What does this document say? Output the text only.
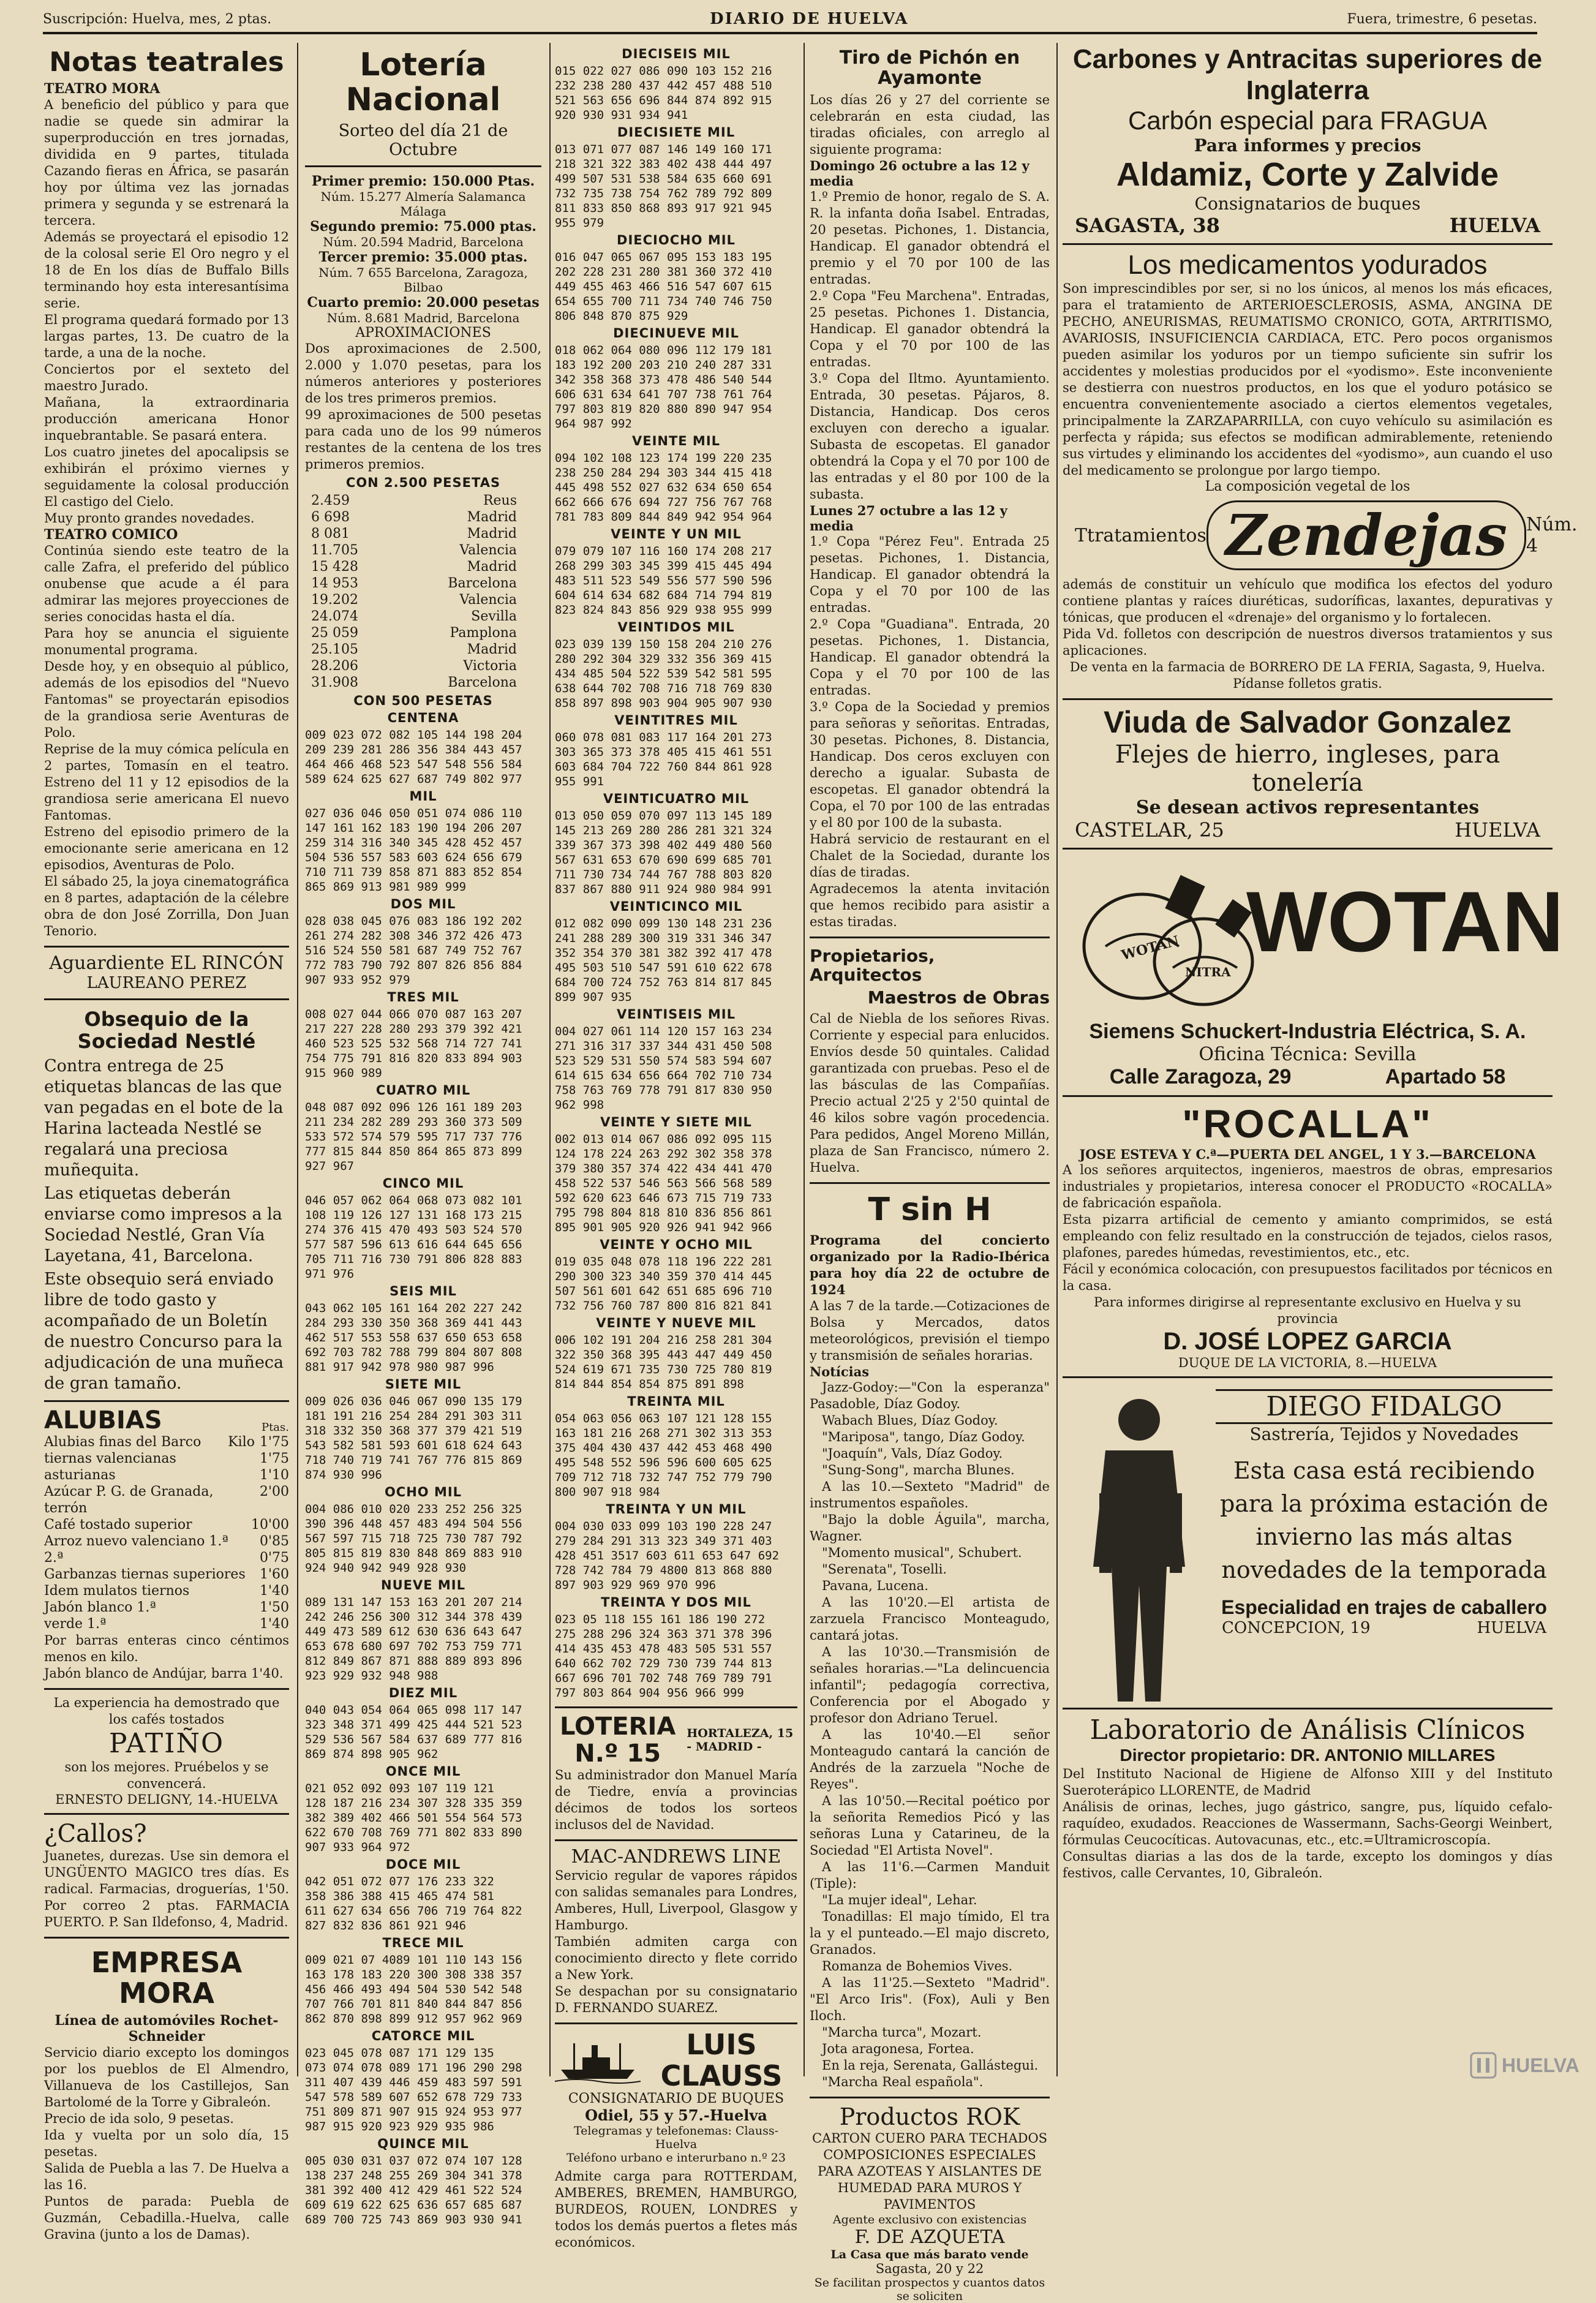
Suscripción: Huelva, mes, 2 ptas.	DIARIO DE HUELVA	Fuera, trimestre, 6 pesetas.
Notas teatrales
TEATRO MORA

A beneficio del público y para que nadie se quede sin admirar la superproducción en tres jornadas, dividida en 9 partes, titulada Cazando fieras en África, se pasarán hoy por última vez las jornadas primera y segunda y se estrenará la tercera.

Además se proyectará el episodio 12 de la colosal serie El Oro negro y el 18 de En los días de Buffalo Bills terminando hoy esta interesantísima serie.

El programa quedará formado por 13 largas partes, 13. De cuatro de la tarde, a una de la noche.

Conciertos por el sexteto del maestro Jurado.

Mañana, la extraordinaria producción americana Honor inquebrantable. Se pasará entera.

Los cuatro jinetes del apocalipsis se exhibirán el próximo viernes y seguidamente la colosal producción El castigo del Cielo.

Muy pronto grandes novedades.

TEATRO COMICO

Continúa siendo este teatro de la calle Zafra, el preferido del público onubense que acude a él para admirar las mejores proyecciones de series conocidas hasta el día.

Para hoy se anuncia el siguiente monumental programa.

Desde hoy, y en obsequio al público, además de los episodios del "Nuevo Fantomas" se proyectarán episodios de la grandiosa serie Aventuras de Polo.

Reprise de la muy cómica película en 2 partes, Tomasín en el teatro. Estreno del 11 y 12 episodios de la grandiosa serie americana El nuevo Fantomas.

Estreno del episodio primero de la emocionante serie americana en 12 episodios, Aventuras de Polo.

El sábado 25, la joya cinematográfica en 8 partes, adaptación de la célebre obra de don José Zorrilla, Don Juan Tenorio.

Aguardiente EL RINCÓN
LAUREANO PEREZ
Obsequio de la Sociedad Nestlé

Contra entrega de 25 etiquetas blancas de las que van pegadas en el bote de la Harina lacteada Nestlé se regalará una preciosa muñequita.

Las etiquetas deberán enviarse como impresos a la Sociedad Nestlé, Gran Vía Layetana, 41, Barcelona.

Este obsequio será enviado libre de todo gasto y acompañado de un Boletín de nuestro Concurso para la adjudicación de una muñeca de gran tamaño.

ALUBIAS	Ptas.
Alubias finas del Barco Kilo 1'75
tiernas valencianas	1'75
asturianas	1'10
Azúcar P. G. de Granada, terrón
2'00
Café tostado superior	10'00
Arroz nuevo valenciano 1.ª 0'85
2.ª	0'75
Garbanzas tiernas superiores 1'60
Idem mulatos tiernos	1'40
Jabón blanco 1.ª	1'50
verde 1.ª	1'40

Por barras enteras cinco céntimos menos en kilo.

Jabón blanco de Andújar, barra 1'40.

La experiencia ha demostrado que los cafés tostados

PATIÑO

son los mejores. Pruébelos y se convencerá.

ERNESTO DELIGNY, 14.-HUELVA
¿Callos?

Juanetes, durezas. Use sin demora el UNGÜENTO MAGICO tres días. Es radical. Farmacias, droguerías, 1'50. Por correo 2 ptas. FARMACIA PUERTO. P. San Ildefonso, 4, Madrid.

EMPRESA MORA
Línea de automóviles Rochet-Schneider

Servicio diario excepto los domingos por los pueblos de El Almendro, Villanueva de los Castillejos, San Bartolomé de la Torre y Gibraleón.

Precio de ida solo, 9 pesetas.

Ida y vuelta por un solo día, 15 pesetas.

Salida de Puebla a las 7. De Huelva a las 16.

Puntos de parada: Puebla de Guzmán, Cebadilla.-Huelva, calle Gravina (junto a los de Damas).

Lotería Nacional
Sorteo del día 21 de Octubre
Primer premio: 150.000 Ptas.
Núm. 15.277 Almería Salamanca Málaga
Segundo premio: 75.000 ptas.
Núm. 20.594 Madrid, Barcelona
Tercer premio: 35.000 ptas.
Núm. 7 655 Barcelona, Zaragoza, Bilbao
Cuarto premio: 20.000 pesetas
Núm. 8.681 Madrid, Barcelona
APROXIMACIONES

Dos aproximaciones de 2.500, 2.000 y 1.070 pesetas, para los números anteriores y posteriores de los tres primeros premios.

99 aproximaciones de 500 pesetas para cada uno de los 99 números restantes de la centena de los tres primeros premios.

CON 2.500 PESETAS
2.459	Reus
6 698	Madrid
8 081	Madrid
11.705	Valencia
15 428	Madrid
14 953	Barcelona
19.202	Valencia
24.074	Sevilla
25 059	Pamplona
25.105	Madrid
28.206	Victoria
31.908	Barcelona
CON 500 PESETAS
CENTENA
009 023 072 082 105 144 198 204
209 239 281 286 356 384 443 457
464 466 468 523 547 548 556 584
589 624 625 627 687 749 802 977
MIL
027 036 046 050 051 074 086 110
147 161 162 183 190 194 206 207
259 314 316 340 345 428 452 457
504 536 557 583 603 624 656 679
710 711 739 858 871 883 852 854
865 869 913 981 989 999
DOS MIL
028 038 045 076 083 186 192 202
261 274 282 308 346 372 426 473
516 524 550 581 687 749 752 767
772 783 790 792 807 826 856 884
907 933 952 979
TRES MIL
008 027 044 066 070 087 163 207
217 227 228 280 293 379 392 421
460 523 525 532 568 714 727 741
754 775 791 816 820 833 894 903
915 960 989
CUATRO MIL
048 087 092 096 126 161 189 203
211 234 282 289 293 360 373 509
533 572 574 579 595 717 737 776
777 815 844 850 864 865 873 899
927 967
CINCO MIL
046 057 062 064 068 073 082 101
108 119 126 127 131 168 173 215
274 376 415 470 493 503 524 570
577 587 596 613 616 644 645 656
705 711 716 730 791 806 828 883
971 976
SEIS MIL
043 062 105 161 164 202 227 242
284 293 330 350 368 369 441 443
462 517 553 558 637 650 653 658
692 703 782 788 799 804 807 808
881 917 942 978 980 987 996
SIETE MIL
009 026 036 046 067 090 135 179
181 191 216 254 284 291 303 311
318 332 350 368 377 379 421 519
543 582 581 593 601 618 624 643
718 740 719 741 767 776 815 869
874 930 996
OCHO MIL
004 086 010 020 233 252 256 325
390 396 448 457 483 494 504 556
567 597 715 718 725 730 787 792
805 815 819 830 848 869 883 910
924 940 942 949 928 930
NUEVE MIL
089 131 147 153 163 201 207 214
242 246 256 300 312 344 378 439
449 473 589 612 630 636 643 647
653 678 680 697 702 753 759 771
812 849 867 871 888 889 893 896
923 929 932 948 988
DIEZ MIL
040 043 054 064 065 098 117 147
323 348 371 499 425 444 521 523
529 536 567 584 637 689 777 816
869 874 898 905 962
ONCE MIL
021 052 092 093 107 119 121
128 187 216 234 307 328 335 359
382 389 402 466 501 554 564 573
622 670 708 769 771 802 833 890
907 933 964 972
DOCE MIL
042 051 072 077 176 233 322
358 386 388 415 465 474 581
611 627 634 656 706 719 764 822
827 832 836 861 921 946
TRECE MIL
009 021 07 4089 101 110 143 156
163 178 183 220 300 308 338 357
456 466 493 494 504 530 542 548
707 766 701 811 840 844 847 856
862 870 898 899 912 957 962 969
CATORCE MIL
023 045 078 087 171 129 135
073 074 078 089 171 196 290 298
311 407 439 446 459 483 597 591
547 578 589 607 652 678 729 733
751 809 871 907 915 924 953 977
987 915 920 923 929 935 986
QUINCE MIL
005 030 031 037 072 074 107 128
138 237 248 255 269 304 341 378
381 392 400 412 429 461 522 524
609 619 622 625 636 657 685 687
689 700 725 743 869 903 930 941
DIECISEIS MIL
015 022 027 086 090 103 152 216
232 238 280 437 442 457 488 510
521 563 656 696 844 874 892 915
920 930 931 934 941
DIECISIETE MIL
013 071 077 087 146 149 160 171
218 321 322 383 402 438 444 497
499 507 531 538 584 635 660 691
732 735 738 754 762 789 792 809
811 833 850 868 893 917 921 945
955 979
DIECIOCHO MIL
016 047 065 067 095 153 183 195
202 228 231 280 381 360 372 410
449 455 463 466 516 547 607 615
654 655 700 711 734 740 746 750
806 848 870 875 929
DIECINUEVE MIL
018 062 064 080 096 112 179 181
183 192 200 203 210 240 287 331
342 358 368 373 478 486 540 544
606 631 634 641 707 738 761 764
797 803 819 820 880 890 947 954
964 987 992
VEINTE MIL
094 102 108 123 174 199 220 235
238 250 284 294 303 344 415 418
445 498 552 027 632 634 650 654
662 666 676 694 727 756 767 768
781 783 809 844 849 942 954 964
VEINTE Y UN MIL
079 079 107 116 160 174 208 217
268 299 303 345 399 415 445 494
483 511 523 549 556 577 590 596
604 614 634 682 684 714 794 819
823 824 843 856 929 938 955 999
VEINTIDOS MIL
023 039 139 150 158 204 210 276
280 292 304 329 332 356 369 415
434 485 504 522 539 542 581 595
638 644 702 708 716 718 769 830
858 897 898 903 904 905 907 930
VEINTITRES MIL
060 078 081 083 117 164 201 273
303 365 373 378 405 415 461 551
603 684 704 722 760 844 861 928
955 991
VEINTICUATRO MIL
013 050 059 070 097 113 145 189
145 213 269 280 286 281 321 324
339 367 373 398 402 449 480 560
567 631 653 670 690 699 685 701
711 730 734 744 767 788 803 820
837 867 880 911 924 980 984 991
VEINTICINCO MIL
012 082 090 099 130 148 231 236
241 288 289 300 319 331 346 347
352 354 370 381 382 392 417 478
495 503 510 547 591 610 622 678
684 700 724 752 763 814 817 845
899 907 935
VEINTISEIS MIL
004 027 061 114 120 157 163 234
271 316 317 337 344 431 450 508
523 529 531 550 574 583 594 607
614 615 634 656 664 702 710 734
758 763 769 778 791 817 830 950
962 998
VEINTE Y SIETE MIL
002 013 014 067 086 092 095 115
124 178 224 263 292 302 358 378
379 380 357 374 422 434 441 470
458 522 537 546 563 566 568 589
592 620 623 646 673 715 719 733
795 798 804 818 810 836 856 861
895 901 905 920 926 941 942 966
VEINTE Y OCHO MIL
019 035 048 078 118 196 222 281
290 300 323 340 359 370 414 445
507 561 601 642 651 685 696 710
732 756 760 787 800 816 821 841
VEINTE Y NUEVE MIL
006 102 191 204 216 258 281 304
322 350 368 395 443 447 449 450
524 619 671 735 730 725 780 819
814 844 854 854 875 891 898
TREINTA MIL
054 063 056 063 107 121 128 155
163 181 216 268 271 302 313 353
375 404 430 437 442 453 468 490
495 548 552 596 596 600 605 625
709 712 718 732 747 752 779 790
800 907 918 984
TREINTA Y UN MIL
004 030 033 099 103 190 228 247
279 284 291 313 323 349 371 403
428 451 3517 603 611 653 647 692
728 742 784 79 4800 813 868 880
897 903 929 969 970 996
TREINTA Y DOS MIL
023 05 118 155 161 186 190 272
275 288 296 324 363 371 378 396
414 435 453 478 483 505 531 557
640 662 702 729 730 739 744 813
667 696 701 702 748 769 789 791
797 803 864 904 956 966 999
LOTERIA N.º 15
HORTALEZA, 15 - MADRID -

Su administrador don Manuel María de Tiedre, envía a provincias décimos de todos los sorteos inclusos del de Navidad.

MAC-ANDREWS LINE

Servicio regular de vapores rápidos con salidas semanales para Londres, Amberes, Hull, Liverpool, Glasgow y Hamburgo.

También admiten carga con conocimiento directo y flete corrido a New York.

Se despachan por su consignatario D. FERNANDO SUAREZ.

LUIS CLAUSS
CONSIGNATARIO DE BUQUES
Odiel, 55 y 57.-Huelva
Telegramas y telefonemas: Clauss-Huelva
Teléfono urbano e interurbano n.º 23

Admite carga para ROTTERDAM, AMBERES, BREMEN, HAMBURGO, BURDEOS, ROUEN, LONDRES y todos los demás puertos a fletes más económicos.

Tiro de Pichón en Ayamonte

Los días 26 y 27 del corriente se celebrarán en esta ciudad, las tiradas oficiales, con arreglo al siguiente programa:

Domingo 26 octubre a las 12 y media

1.º Premio de honor, regalo de S. A. R. la infanta doña Isabel. Entradas, 20 pesetas. Pichones, 1. Distancia, Handicap. El ganador obtendrá el premio y el 70 por 100 de las entradas.

2.º Copa "Feu Marchena". Entradas, 25 pesetas. Pichones 1. Distancia, Handicap. El ganador obtendrá la Copa y el 70 por 100 de las entradas.

3.º Copa del Iltmo. Ayuntamiento. Entrada, 30 pesetas. Pájaros, 8. Distancia, Handicap. Dos ceros excluyen con derecho a igualar. Subasta de escopetas. El ganador obtendrá la Copa y el 70 por 100 de las entradas y el 80 por 100 de la subasta.

Lunes 27 octubre a las 12 y media

1.º Copa "Pérez Feu". Entrada 25 pesetas. Pichones, 1. Distancia, Handicap. El ganador obtendrá la Copa y el 70 por 100 de las entradas.

2.º Copa "Guadiana". Entrada, 20 pesetas. Pichones, 1. Distancia, Handicap. El ganador obtendrá la Copa y el 70 por 100 de las entradas.

3.º Copa de la Sociedad y premios para señoras y señoritas. Entradas, 30 pesetas. Pichones, 8. Distancia, Handicap. Dos ceros excluyen con derecho a igualar. Subasta de escopetas. El ganador obtendrá la Copa, el 70 por 100 de las entradas y el 80 por 100 de la subasta.

Habrá servicio de restaurant en el Chalet de la Sociedad, durante los días de tiradas.

Agradecemos la atenta invitación que hemos recibido para asistir a estas tiradas.

Propietarios, Arquitectos
Maestros de Obras

Cal de Niebla de los señores Rivas. Corriente y especial para enlucidos. Envíos desde 50 quintales. Calidad garantizada con pruebas. Peso el de las básculas de las Compañías. Precio actual 2'25 y 2'50 quintal de 46 kilos sobre vagón procedencia. Para pedidos, Angel Moreno Millán, plaza de San Francisco, número 2. Huelva.

T sin H

Programa del concierto organizado por la Radio-Ibérica para hoy día 22 de octubre de 1924

A las 7 de la tarde.—Cotizaciones de Bolsa y Mercados, datos meteorológicos, previsión el tiempo y transmisión de señales horarias.

Notícias

Jazz-Godoy:—"Con la esperanza" Pasadoble, Díaz Godoy.

Wabach Blues, Díaz Godoy.

"Mariposa", tango, Díaz Godoy.

"Joaquín", Vals, Díaz Godoy.

"Sung-Song", marcha Blunes.

A las 10.—Sexteto "Madrid" de instrumentos españoles.

"Bajo la doble Águila", marcha, Wagner.

"Momento musical", Schubert.

"Serenata", Toselli.

Pavana, Lucena.

A las 10'20.—El artista de zarzuela Francisco Monteagudo, cantará jotas.

A las 10'30.—Transmisión de señales horarias.—"La delincuencia infantil"; pedagogía correctiva, Conferencia por el Abogado y profesor don Adriano Teruel.

A las 10'40.—El señor Monteagudo cantará la canción de Andrés de la zarzuela "Noche de Reyes".

A las 10'50.—Recital poético por la señorita Remedios Picó y las señoras Luna y Catarineu, de la Sociedad "El Artista Novel".

A las 11'6.—Carmen Manduit (Tiple):

"La mujer ideal", Lehar.

Tonadillas: El majo tímido, El tra la y el punteado.—El majo discreto, Granados.

Romanza de Bohemios Vives.

A las 11'25.—Sexteto "Madrid". "El Arco Iris". (Fox), Auli y Ben Iloch.

"Marcha turca", Mozart.

Jota aragonesa, Fortea.

En la reja, Serenata, Gallástegui.

"Marcha Real española".

Productos ROK

CARTON CUERO PARA TECHADOS COMPOSICIONES ESPECIALES PARA AZOTEAS Y AISLANTES DE HUMEDAD PARA MUROS Y PAVIMENTOS

Agente exclusivo con existencias
F. DE AZQUETA
La Casa que más barato vende
Sagasta, 20 y 22
Se facilitan prospectos y cuantos datos se soliciten
Carbones y Antracitas superiores de Inglaterra
Carbón especial para FRAGUA
Para informes y precios
Aldamiz, Corte y Zalvide
Consignatarios de buques
SAGASTA, 38	HUELVA
Los medicamentos yodurados

Son imprescindibles por ser, si no los únicos, al menos los más eficaces, para el tratamiento de ARTERIOESCLEROSIS, ASMA, ANGINA DE PECHO, ANEURISMAS, REUMATISMO CRONICO, GOTA, ARTRITISMO, AVARIOSIS, INSUFICIENCIA CARDIACA, ETC. Pero pocos organismos pueden asimilar los yoduros por un tiempo suficiente sin sufrir los accidentes y molestias producidos por el «yodismo». Este inconveniente se destierra con nuestros productos, en los que el yoduro potásico se encuentra convenientemente asociado a ciertos elementos vegetales, principalmente la ZARZAPARRILLA, con cuyo vehículo su asimilación es perfecta y rápida; sus efectos se modifican admirablemente, reteniendo sus virtudes y eliminando los accidentes del «yodismo», aun cuando el uso del medicamento se prolongue por largo tiempo.

La composición vegetal de los
Ttratamientos Zendejas	Núm. 4

además de constituir un vehículo que modifica los efectos del yoduro contiene plantas y raíces diuréticas, sudoríficas, laxantes, depurativas y tónicas, que producen el «drenaje» del organismo y lo fortalecen.

Pida Vd. folletos con descripción de nuestros diversos tratamientos y sus aplicaciones.

De venta en la farmacia de BORRERO DE LA FERIA, Sagasta, 9, Huelva.

Pídanse folletos gratis.

Viuda de Salvador Gonzalez
Flejes de hierro, ingleses, para tonelería
Se desean activos representantes
CASTELAR, 25	HUELVA
WOTAN
WOTAN
NITRA
Siemens Schuckert-Industria Eléctrica, S. A.
Oficina Técnica: Sevilla
Calle Zaragoza, 29	Apartado 58
"ROCALLA"
JOSE ESTEVA Y C.ª—PUERTA DEL ANGEL, 1 Y 3.—BARCELONA

A los señores arquitectos, ingenieros, maestros de obras, empresarios industriales y propietarios, interesa conocer el PRODUCTO «ROCALLA» de fabricación española.

Esta pizarra artificial de cemento y amianto comprimidos, se está empleando con feliz resultado en la construcción de tejados, cielos rasos, plafones, paredes húmedas, revestimientos, etc., etc.

Fácil y económica colocación, con presupuestos facilitados por técnicos en la casa.

Para informes dirigirse al representante exclusivo en Huelva y su provincia

D. JOSÉ LOPEZ GARCIA
DUQUE DE LA VICTORIA, 8.—HUELVA
DIEGO FIDALGO
Sastrería, Tejidos y Novedades

Esta casa está recibiendo para la próxima estación de invierno las más altas novedades de la temporada

Especialidad en trajes de caballero
CONCEPCION, 19	HUELVA
Laboratorio de Análisis Clínicos
Director propietario: DR. ANTONIO MILLARES

Del Instituto Nacional de Higiene de Alfonso XIII y del Instituto Sueroterápico LLORENTE, de Madrid

Análisis de orinas, leches, jugo gástrico, sangre, pus, líquido cefalo-raquídeo, exudados. Reacciones de Wassermann, Sachs-Georgi Weinbert, fórmulas Ceucocíticas. Autovacunas, etc., etc.=Ultramicroscopía.

Consultas diarias a las dos de la tarde, excepto los domingos y días festivos, calle Cervantes, 10, Gibraleón.

HUELVA
